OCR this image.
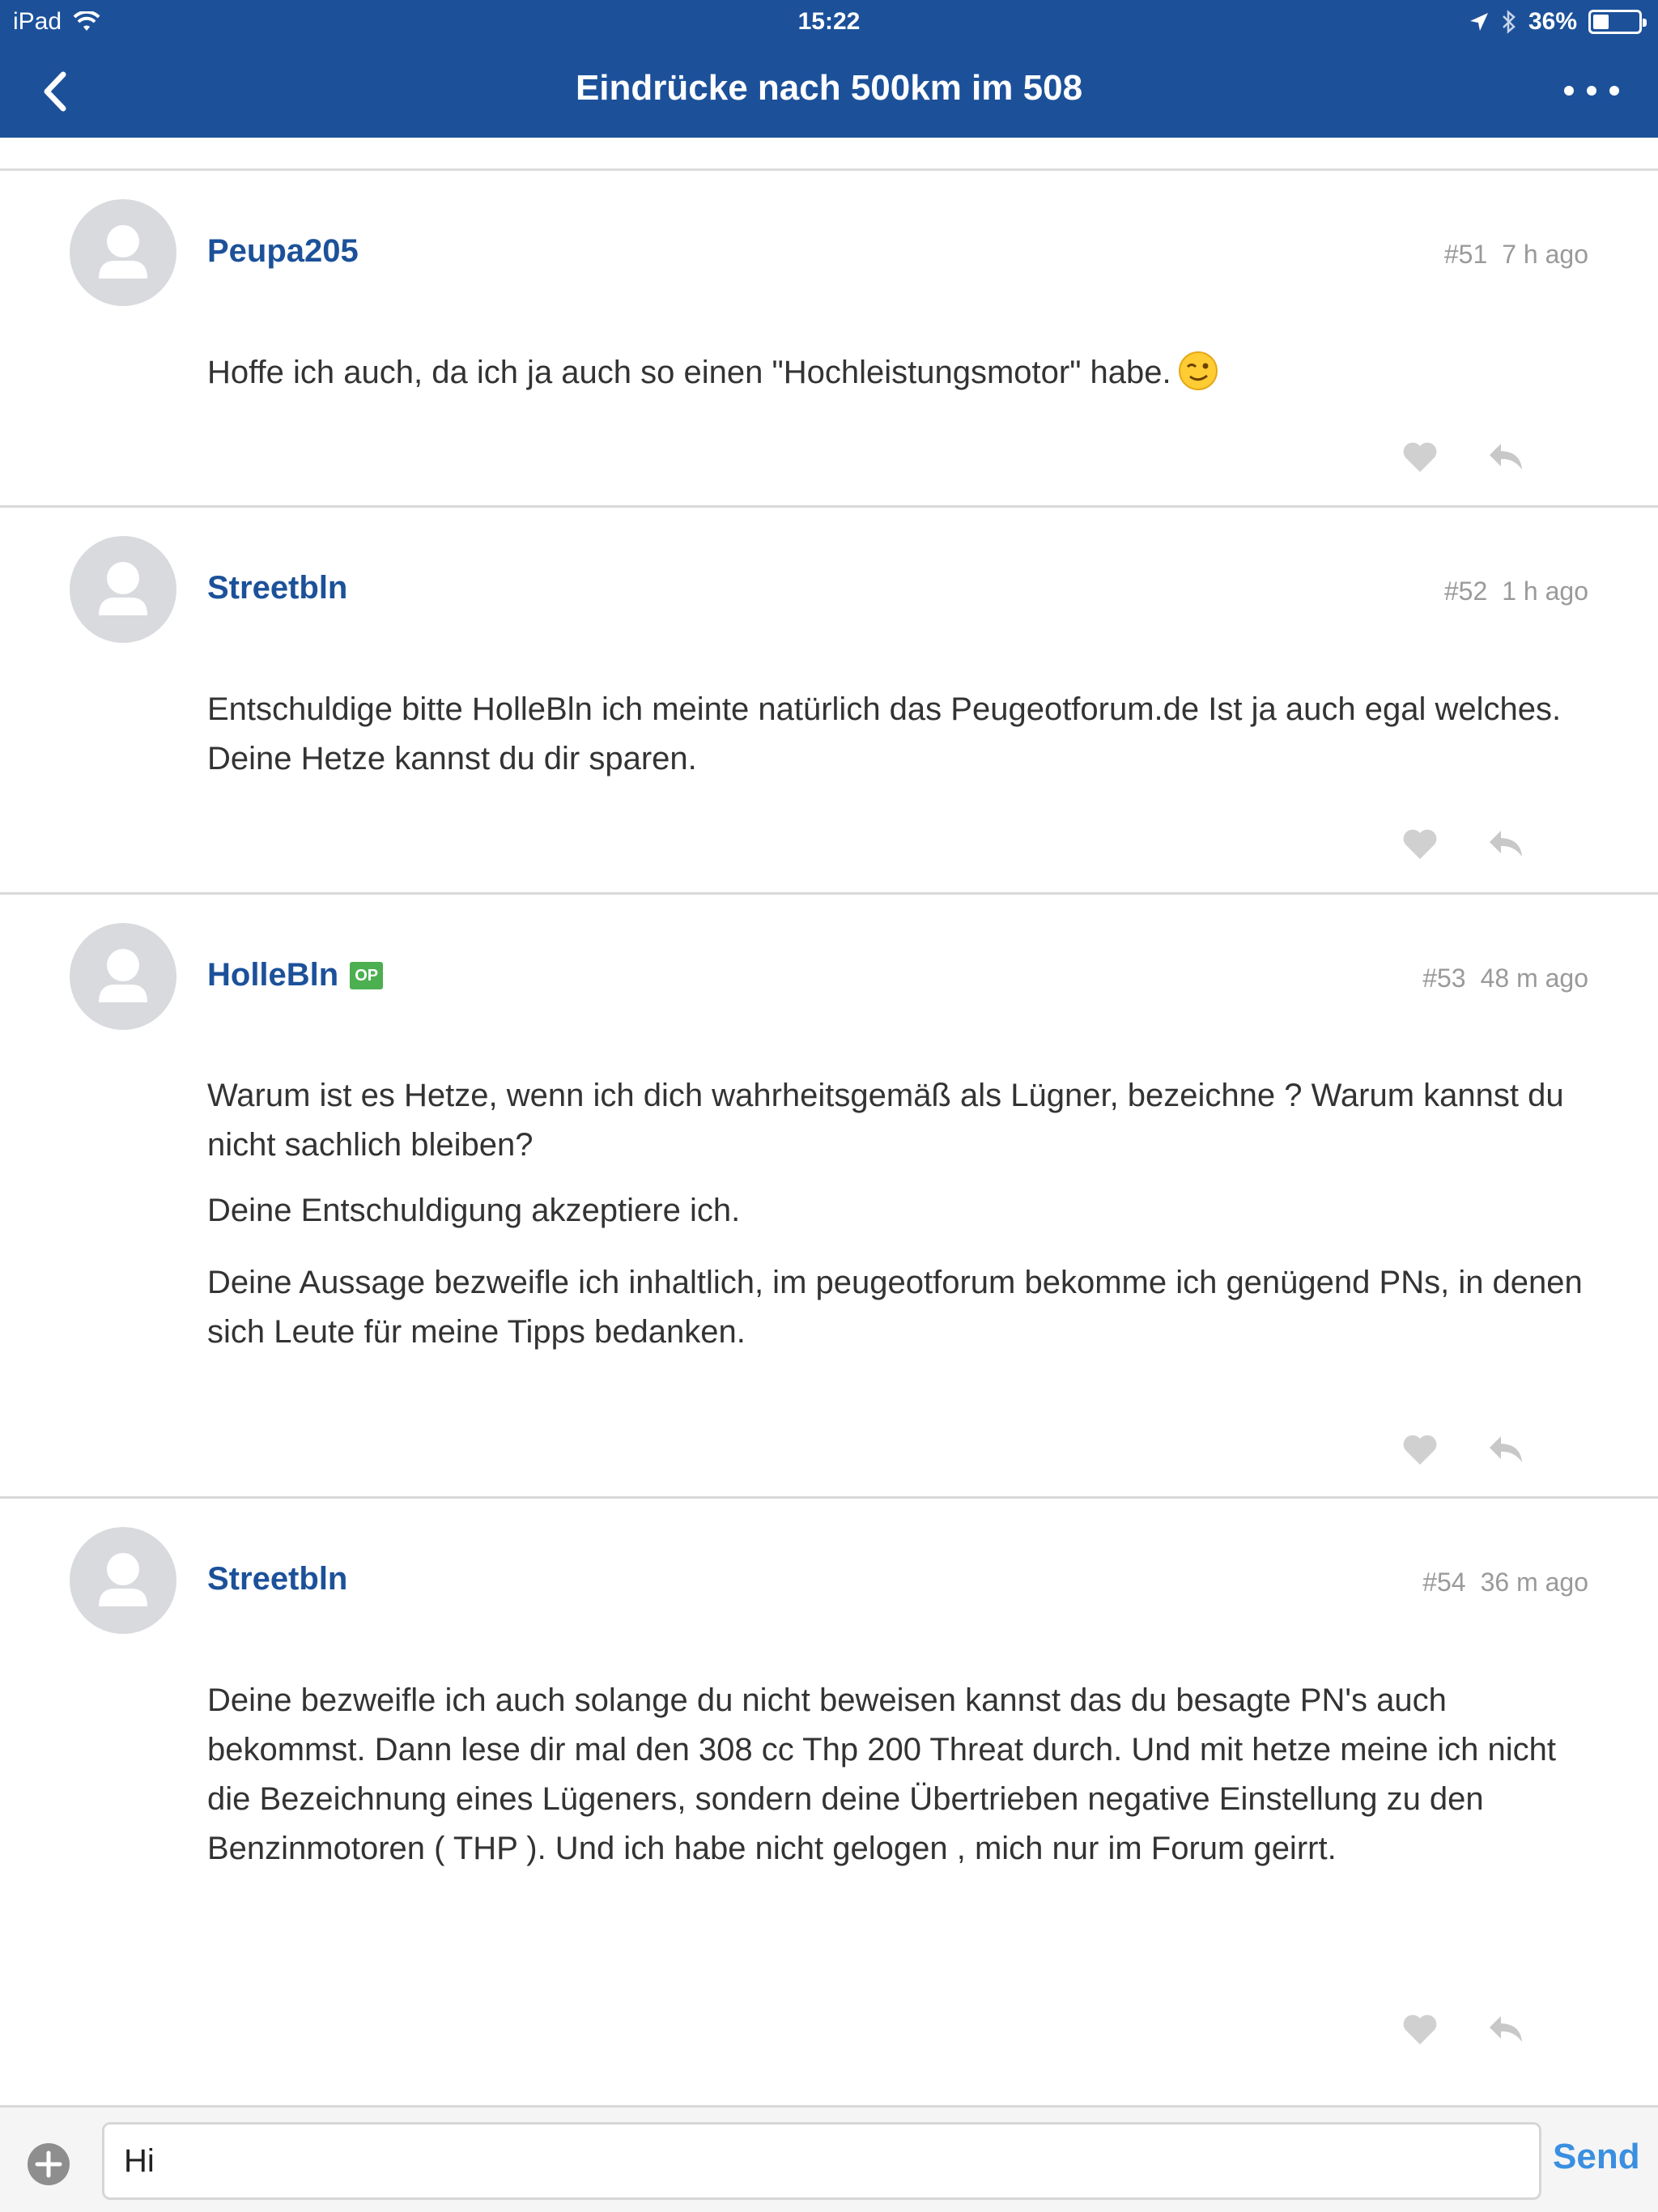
iPad	15:22	36%
Eindrücke nach 500km im 508
Peupa205	#51 7 h ago

Hoffe ich auch, da ich ja auch so einen "Hochleistungsmotor" habe.

Streetbln	#52 1 h ago

Entschuldige bitte HolleBln ich meinte natürlich das Peugeotforum.de Ist ja auch egal welches. Deine Hetze kannst du dir sparen.

HolleBln	OP	#53 48 m ago

Warum ist es Hetze, wenn ich dich wahrheitsgemäß als Lügner, bezeichne ? Warum kannst du nicht sachlich bleiben?

Deine Entschuldigung akzeptiere ich.

Deine Aussage bezweifle ich inhaltlich, im peugeotforum bekomme ich genügend PNs, in denen sich Leute für meine Tipps bedanken.

Streetbln	#54 36 m ago

Deine bezweifle ich auch solange du nicht beweisen kannst das du besagte PN's auch bekommst. Dann lese dir mal den 308 cc Thp 200 Threat durch. Und mit hetze meine ich nicht die Bezeichnung eines Lügeners, sondern deine Übertrieben negative Einstellung zu den Benzinmotoren ( THP ). Und ich habe nicht gelogen , mich nur im Forum geirrt.

Hi
Send
